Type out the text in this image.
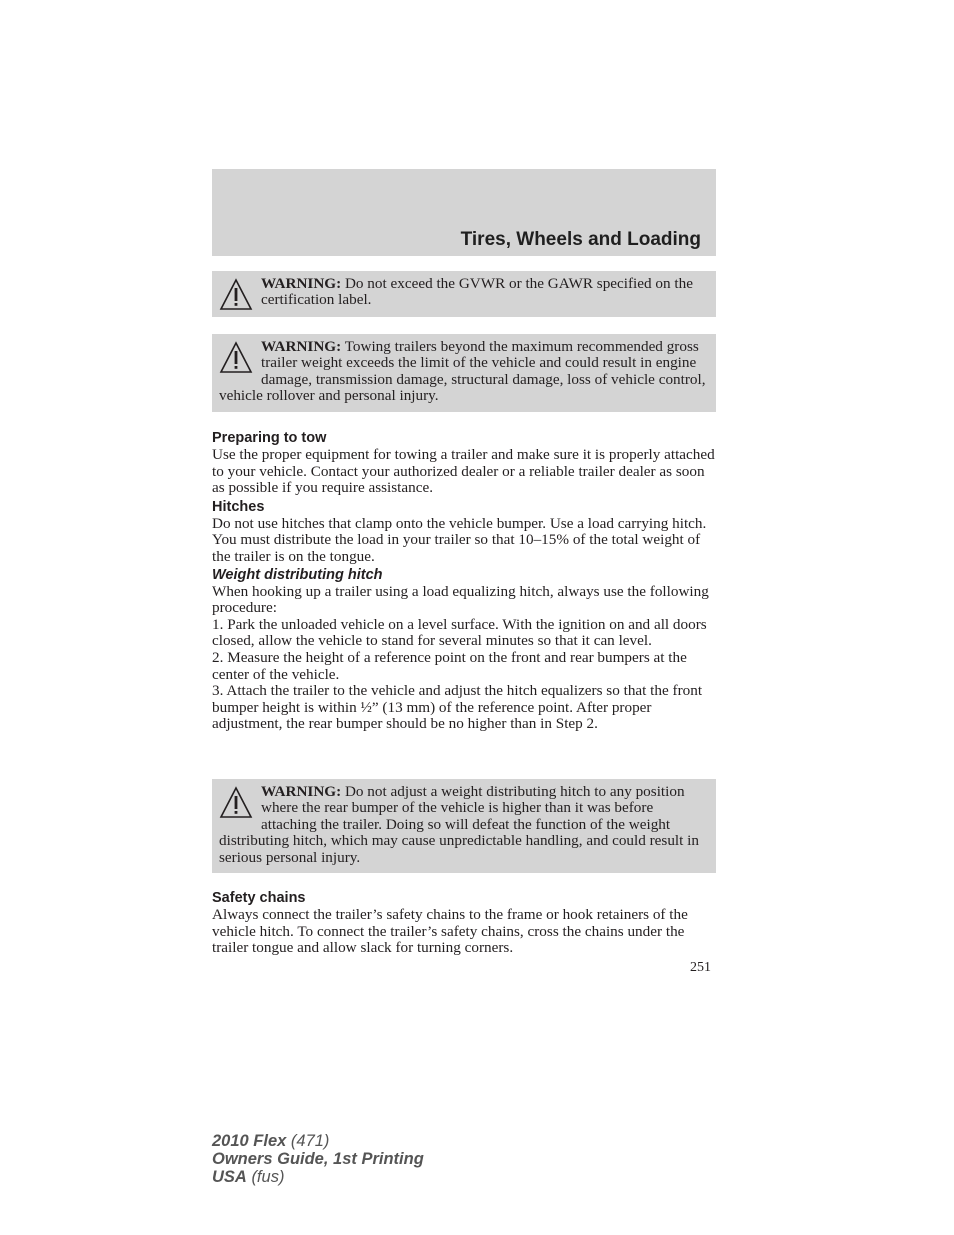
Tires, Wheels and Loading
WARNING: Do not exceed the GVWR or the GAWR specified on the certification label.
WARNING: Towing trailers beyond the maximum recommended gross trailer weight exceeds the limit of the vehicle and could result in engine damage, transmission damage, structural damage, loss of vehicle control, vehicle rollover and personal injury.
Preparing to tow

Use the proper equipment for towing a trailer and make sure it is properly attached to your vehicle. Contact your authorized dealer or a reliable trailer dealer as soon as possible if you require assistance.

Hitches

Do not use hitches that clamp onto the vehicle bumper. Use a load carrying hitch. You must distribute the load in your trailer so that 10–15% of the total weight of the trailer is on the tongue.

Weight distributing hitch

When hooking up a trailer using a load equalizing hitch, always use the following procedure:

1. Park the unloaded vehicle on a level surface. With the ignition on and all doors closed, allow the vehicle to stand for several minutes so that it can level.

2. Measure the height of a reference point on the front and rear bumpers at the center of the vehicle.

3. Attach the trailer to the vehicle and adjust the hitch equalizers so that the front bumper height is within ½” (13 mm) of the reference point. After proper adjustment, the rear bumper should be no higher than in Step 2.

WARNING: Do not adjust a weight distributing hitch to any position where the rear bumper of the vehicle is higher than it was before attaching the trailer. Doing so will defeat the function of the weight distributing hitch, which may cause unpredictable handling, and could result in serious personal injury.
Safety chains

Always connect the trailer’s safety chains to the frame or hook retainers of the vehicle hitch. To connect the trailer’s safety chains, cross the chains under the trailer tongue and allow slack for turning corners.

251
2010 Flex (471)
Owners Guide, 1st Printing
USA (fus)
